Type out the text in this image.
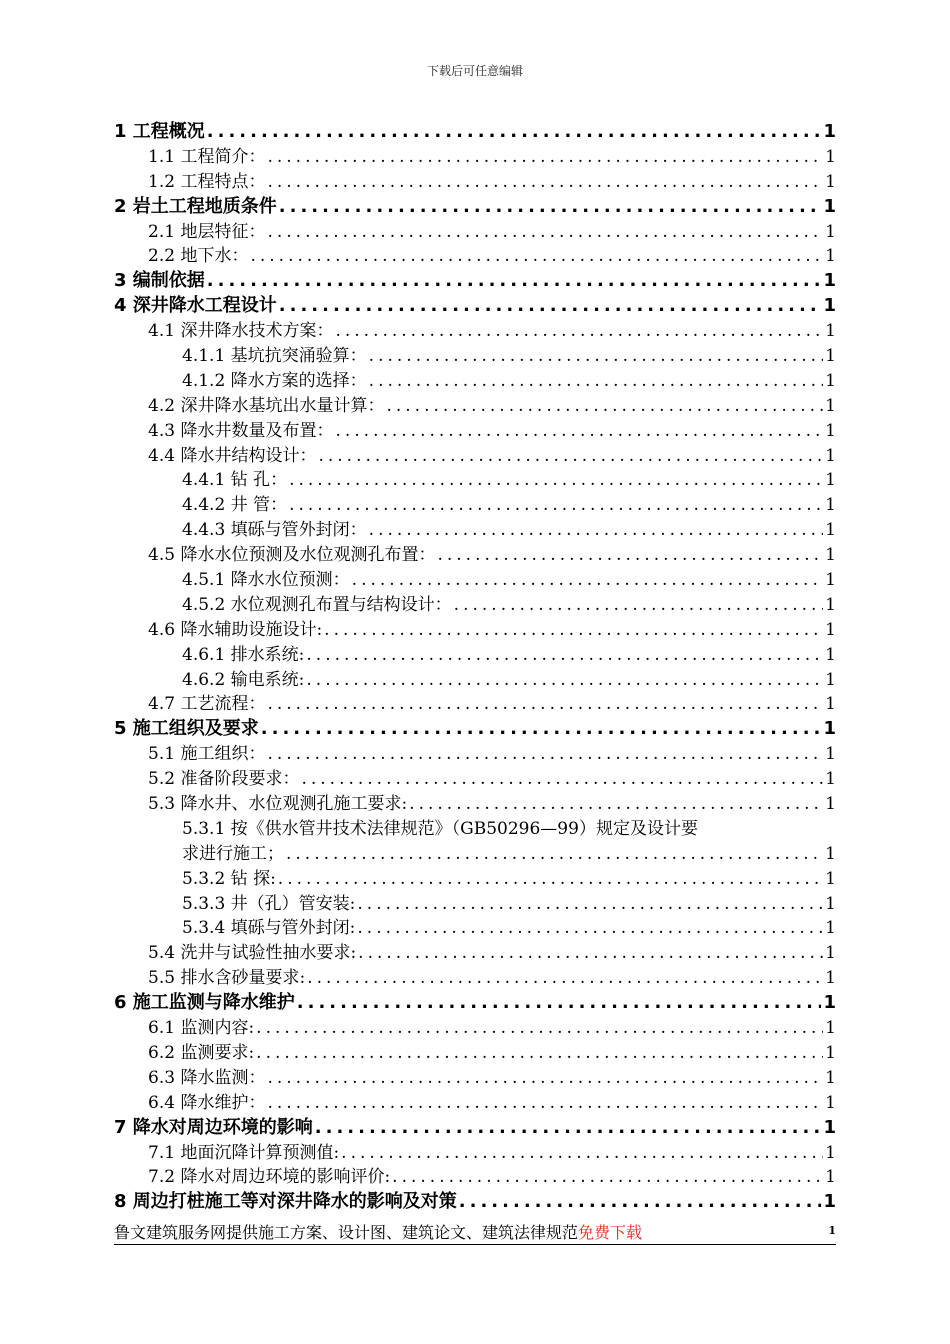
下载后可任意编辑
1 工程概况 .....	1
1.1 工程简介： .....	1
1.2 工程特点： .....	1
2 岩土工程地质条件 .....	1
2.1 地层特征： .....	1
2.2 地下水： .....	1
3 编制依据 .....	1
4 深井降水工程设计 .....	1
4.1 深井降水技术方案： .....	1
4.1.1 基坑抗突涌验算： .....	1
4.1.2 降水方案的选择： .....	1
4.2 深井降水基坑出水量计算： .....	1
4.3 降水井数量及布置： .....	1
4.4 降水井结构设计： .....	1
4.4.1 钻 孔： .....	1
4.4.2 井 管： .....	1
4.4.3 填砾与管外封闭： .....	1
4.5 降水水位预测及水位观测孔布置： .....	1
4.5.1 降水水位预测： .....	1
4.5.2 水位观测孔布置与结构设计： .....	1
4.6 降水辅助设施设计: .....	1
4.6.1 排水系统: .....	1
4.6.2 输电系统: .....	1
4.7 工艺流程： .....	1
5 施工组织及要求 .....	1
5.1 施工组织： .....	1
5.2 准备阶段要求： .....	1
5.3 降水井、水位观测孔施工要求: .....	1
5.3.1 按《供水管井技术法律规范》（GB50296—99）规定及设计要
求进行施工； .....	1
5.3.2 钻 探: .....	1
5.3.3 井（孔）管安装: .....	1
5.3.4 填砾与管外封闭: .....	1
5.4 洗井与试验性抽水要求: .....	1
5.5 排水含砂量要求: .....	1
6 施工监测与降水维护 .....	1
6.1 监测内容: .....	1
6.2 监测要求: .....	1
6.3 降水监测： .....	1
6.4 降水维护： .....	1
7 降水对周边环境的影响 .....	1
7.1 地面沉降计算预测值: .....	1
7.2 降水对周边环境的影响评价: .....	1
8 周边打桩施工等对深井降水的影响及对策 .....	1
鲁文建筑服务网提供施工方案、设计图、建筑论文、建筑法律规范免费下载	1
